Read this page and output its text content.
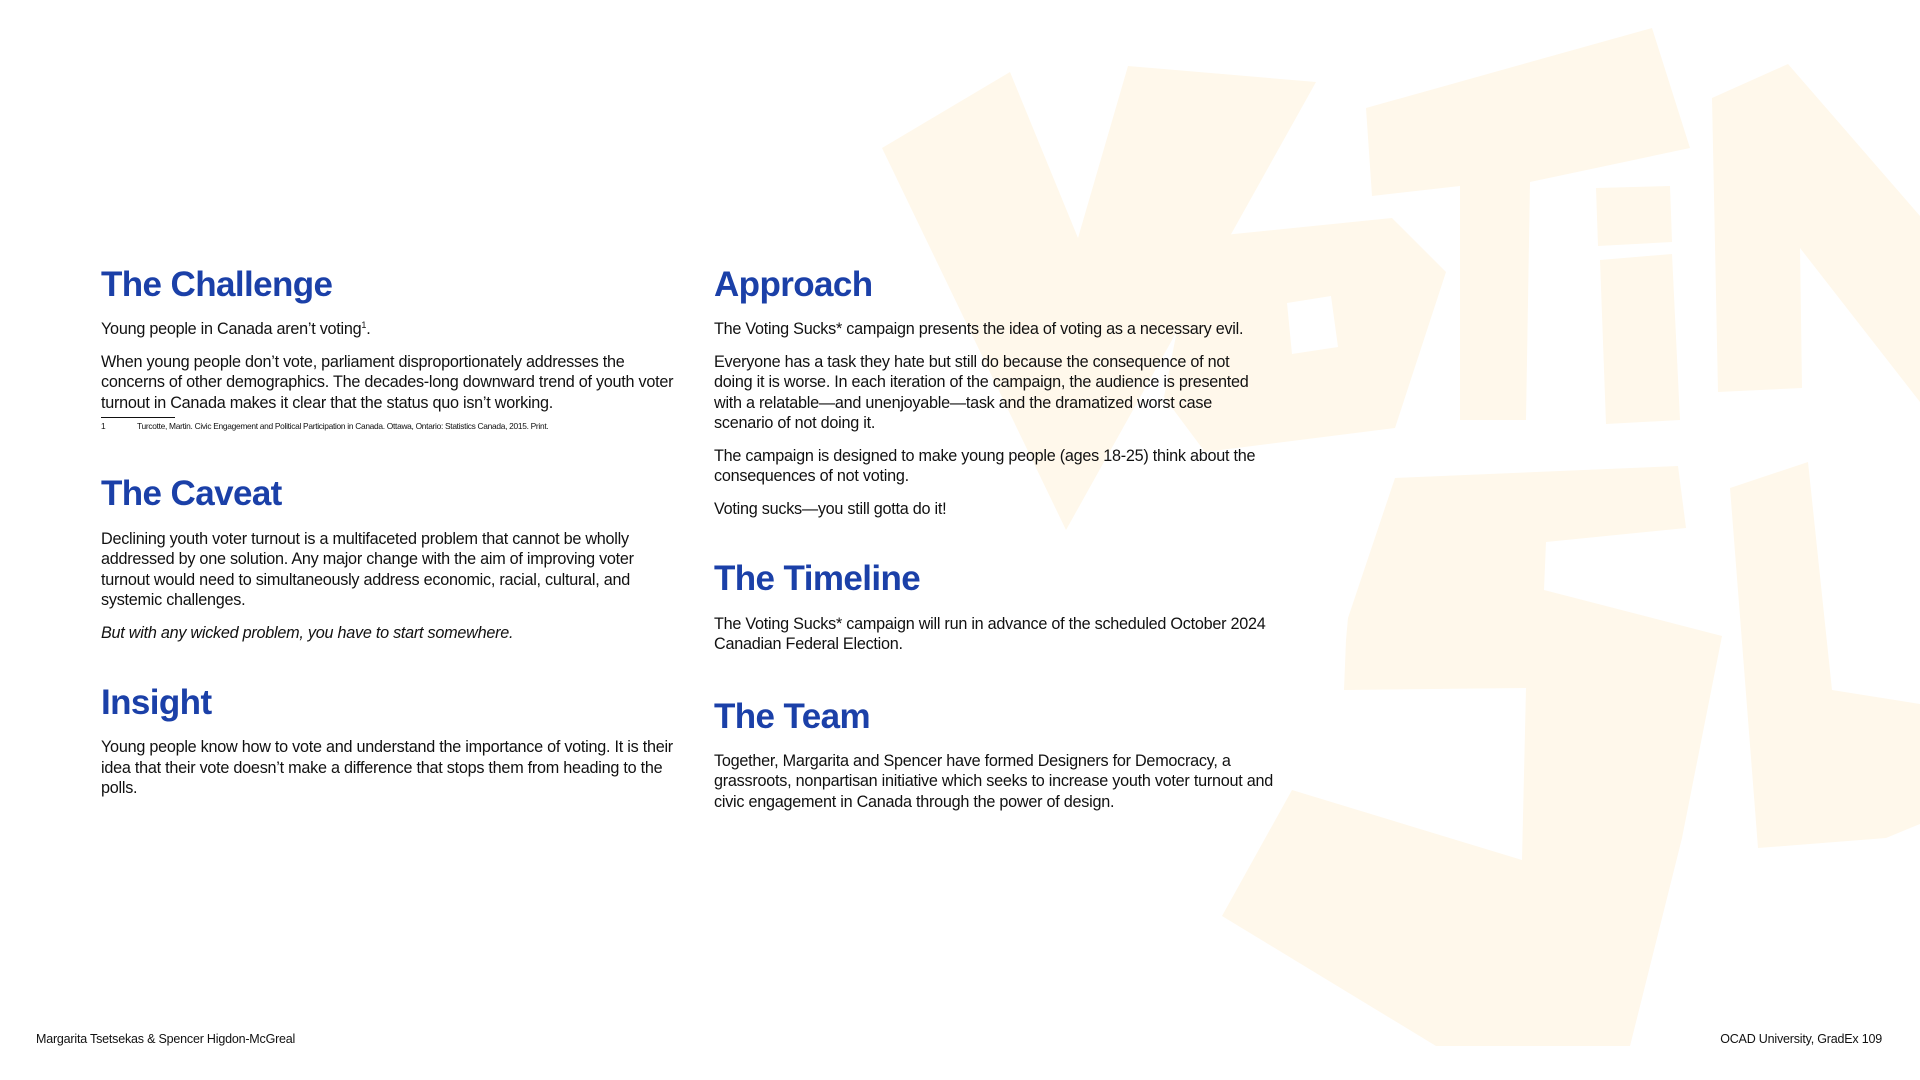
The Challenge

Young people in Canada aren’t voting$^1$.

When young people don’t vote, parliament disproportionately addresses the concerns of other demographics. The decades-long downward trend of youth voter turnout in Canada makes it clear that the status quo isn’t working.

1	Turcotte, Martin. Civic Engagement and Political Participation in Canada. Ottawa, Ontario: Statistics Canada, 2015. Print.
The Caveat

Declining youth voter turnout is a multifaceted problem that cannot be wholly addressed by one solution. Any major change with the aim of improving voter turnout would need to simultaneously address economic, racial, cultural, and systemic challenges.

But with any wicked problem, you have to start somewhere.

Insight

Young people know how to vote and understand the importance of voting. It is their idea that their vote doesn’t make a difference that stops them from heading to the polls.

Approach

The Voting Sucks* campaign presents the idea of voting as a necessary evil.

Everyone has a task they hate but still do because the consequence of not doing it is worse. In each iteration of the campaign, the audience is presented with a relatable—and unenjoyable—task and the dramatized worst case scenario of not doing it.

The campaign is designed to make young people (ages 18-25) think about the consequences of not voting.

Voting sucks—you still gotta do it!

The Timeline

The Voting Sucks* campaign will run in advance of the scheduled October 2024 Canadian Federal Election.

The Team

Together, Margarita and Spencer have formed Designers for Democracy, a grassroots, nonpartisan initiative which seeks to increase youth voter turnout and civic engagement in Canada through the power of design.

Margarita Tsetsekas & Spencer Higdon-McGreal	OCAD University, GradEx 109
